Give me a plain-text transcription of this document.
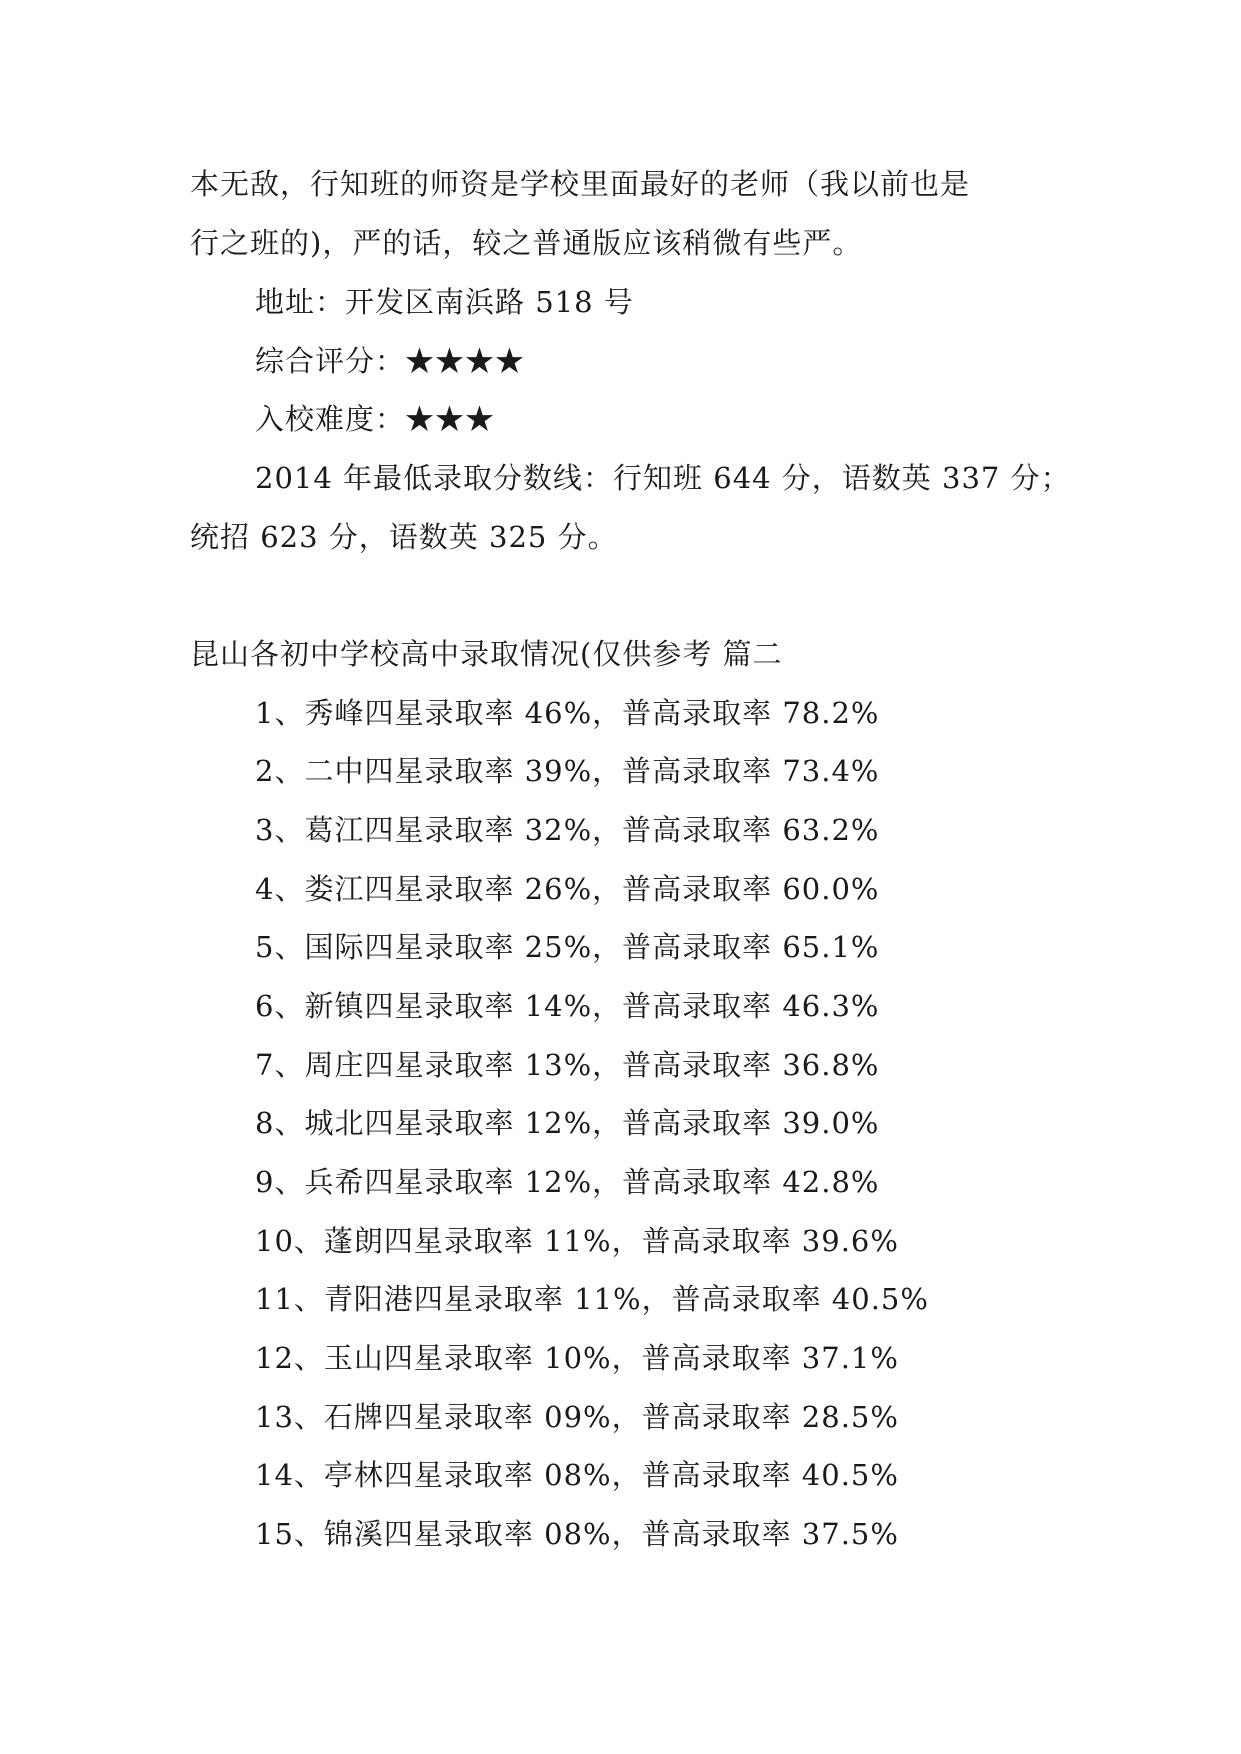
本无敌，行知班的师资是学校里面最好的老师（我以前也是
行之班的)，严的话，较之普通版应该稍微有些严。
地址：开发区南浜路 518 号
综合评分：★★★★
入校难度：★★★
2014 年最低录取分数线：行知班 644 分，语数英 337 分；
统招 623 分，语数英 325 分。
昆山各初中学校高中录取情况(仅供参考 篇二
1、秀峰四星录取率 46%，普高录取率 78.2%
2、二中四星录取率 39%，普高录取率 73.4%
3、葛江四星录取率 32%，普高录取率 63.2%
4、娄江四星录取率 26%，普高录取率 60.0%
5、国际四星录取率 25%，普高录取率 65.1%
6、新镇四星录取率 14%，普高录取率 46.3%
7、周庄四星录取率 13%，普高录取率 36.8%
8、城北四星录取率 12%，普高录取率 39.0%
9、兵希四星录取率 12%，普高录取率 42.8%
10、蓬朗四星录取率 11%，普高录取率 39.6%
11、青阳港四星录取率 11%，普高录取率 40.5%
12、玉山四星录取率 10%，普高录取率 37.1%
13、石牌四星录取率 09%，普高录取率 28.5%
14、亭林四星录取率 08%，普高录取率 40.5%
15、锦溪四星录取率 08%，普高录取率 37.5%
